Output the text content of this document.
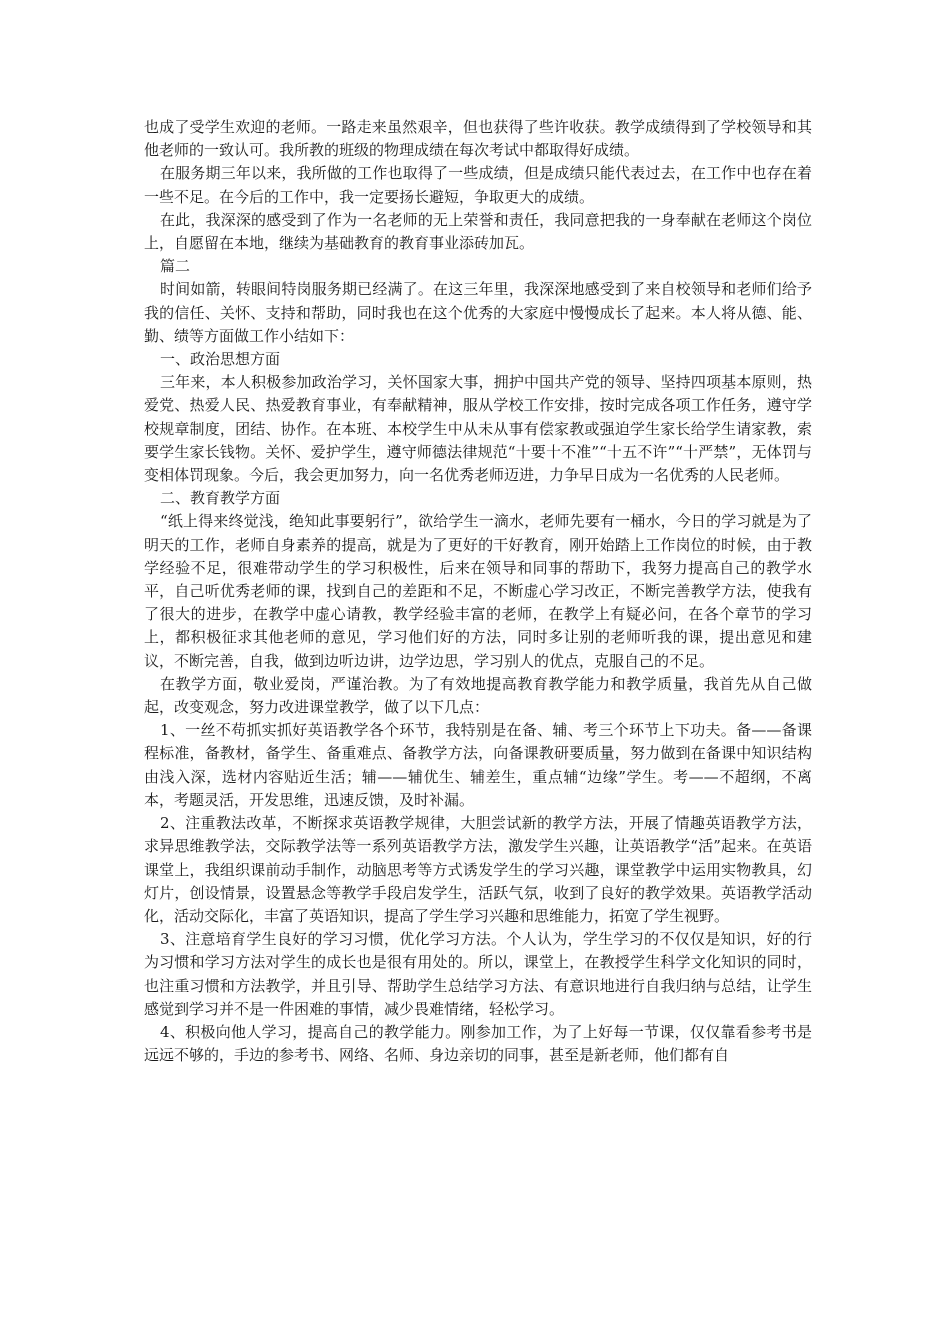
也成了受学生欢迎的老师。一路走来虽然艰辛，但也获得了些许收获。教学成绩得到了学校领导和其他老师的一致认可。我所教的班级的物理成绩在每次考试中都取得好成绩。

在服务期三年以来，我所做的工作也取得了一些成绩，但是成绩只能代表过去，在工作中也存在着一些不足。在今后的工作中，我一定要扬长避短，争取更大的成绩。

在此，我深深的感受到了作为一名老师的无上荣誉和责任，我同意把我的一身奉献在老师这个岗位上，自愿留在本地，继续为基础教育的教育事业添砖加瓦。

篇二

时间如箭，转眼间特岗服务期已经满了。在这三年里，我深深地感受到了来自校领导和老师们给予我的信任、关怀、支持和帮助，同时我也在这个优秀的大家庭中慢慢成长了起来。本人将从德、能、勤、绩等方面做工作小结如下：

一、政治思想方面

三年来，本人积极参加政治学习，关怀国家大事，拥护中国共产党的领导、坚持四项基本原则，热爱党、热爱人民、热爱教育事业，有奉献精神，服从学校工作安排，按时完成各项工作任务，遵守学校规章制度，团结、协作。在本班、本校学生中从未从事有偿家教或强迫学生家长给学生请家教，索要学生家长钱物。关怀、爱护学生，遵守师德法律规范“十要十不准”“十五不许”“十严禁”，无体罚与变相体罚现象。今后，我会更加努力，向一名优秀老师迈进，力争早日成为一名优秀的人民老师。

二、教育教学方面

“纸上得来终觉浅，绝知此事要躬行”，欲给学生一滴水，老师先要有一桶水，今日的学习就是为了明天的工作，老师自身素养的提高，就是为了更好的干好教育，刚开始踏上工作岗位的时候，由于教学经验不足，很难带动学生的学习积极性，后来在领导和同事的帮助下，我努力提高自己的教学水平，自己听优秀老师的课，找到自己的差距和不足，不断虚心学习改正，不断完善教学方法，使我有了很大的进步，在教学中虚心请教，教学经验丰富的老师，在教学上有疑必问，在各个章节的学习上，都积极征求其他老师的意见，学习他们好的方法，同时多让别的老师听我的课，提出意见和建议，不断完善，自我，做到边听边讲，边学边思，学习别人的优点，克服自己的不足。

在教学方面，敬业爱岗，严谨治教。为了有效地提高教育教学能力和教学质量，我首先从自己做起，改变观念，努力改进课堂教学，做了以下几点：

1、一丝不苟抓实抓好英语教学各个环节，我特别是在备、辅、考三个环节上下功夫。备——备课程标准，备教材，备学生、备重难点、备教学方法，向备课教研要质量，努力做到在备课中知识结构由浅入深，选材内容贴近生活；辅——辅优生、辅差生，重点辅“边缘”学生。考——不超纲，不离本，考题灵活，开发思维，迅速反馈，及时补漏。

2、注重教法改革，不断探求英语教学规律，大胆尝试新的教学方法，开展了情趣英语教学方法，求异思维教学法，交际教学法等一系列英语教学方法，激发学生兴趣，让英语教学“活”起来。在英语课堂上，我组织课前动手制作，动脑思考等方式诱发学生的学习兴趣，课堂教学中运用实物教具，幻灯片，创设情景，设置悬念等教学手段启发学生，活跃气氛，收到了良好的教学效果。英语教学活动化，活动交际化，丰富了英语知识，提高了学生学习兴趣和思维能力，拓宽了学生视野。

3、注意培育学生良好的学习习惯，优化学习方法。个人认为，学生学习的不仅仅是知识，好的行为习惯和学习方法对学生的成长也是很有用处的。所以，课堂上，在教授学生科学文化知识的同时，也注重习惯和方法教学，并且引导、帮助学生总结学习方法、有意识地进行自我归纳与总结，让学生感觉到学习并不是一件困难的事情，减少畏难情绪，轻松学习。

4、积极向他人学习，提高自己的教学能力。刚参加工作，为了上好每一节课，仅仅靠看参考书是远远不够的，手边的参考书、网络、名师、身边亲切的同事，甚至是新老师，他们都有自
